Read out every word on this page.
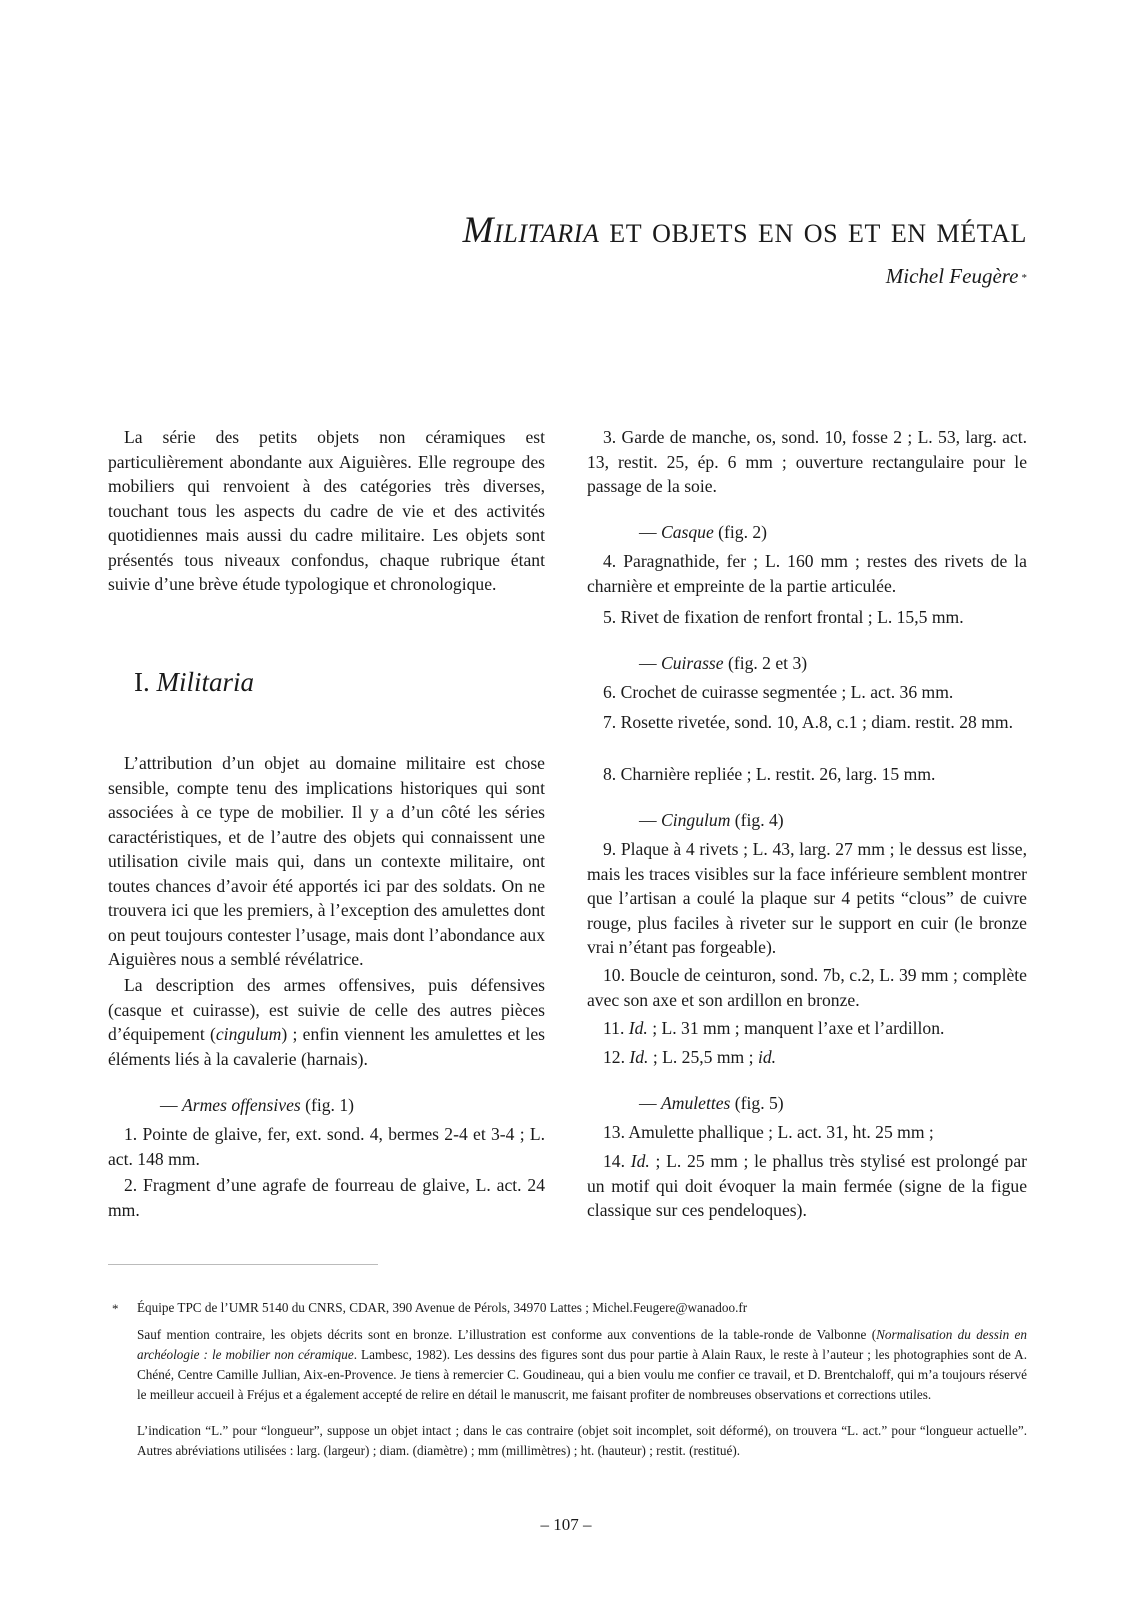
Militaria et objets en os et en métal
Michel Feugère *

La série des petits objets non céramiques est particulièrement abondante aux Aiguières. Elle regroupe des mobiliers qui renvoient à des catégories très diverses, touchant tous les aspects du cadre de vie et des activités quotidiennes mais aussi du cadre militaire. Les objets sont présentés tous niveaux confondus, chaque rubrique étant suivie d’une brève étude typologique et chronologique.

I. Militaria

L’attribution d’un objet au domaine militaire est chose sensible, compte tenu des implications historiques qui sont associées à ce type de mobilier. Il y a d’un côté les séries caractéristiques, et de l’autre des objets qui connaissent une utilisation civile mais qui, dans un contexte militaire, ont toutes chances d’avoir été apportés ici par des soldats. On ne trouvera ici que les premiers, à l’exception des amulettes dont on peut toujours contester l’usage, mais dont l’abondance aux Aiguières nous a semblé révélatrice.

La description des armes offensives, puis défensives (casque et cuirasse), est suivie de celle des autres pièces d’équipement (cingulum) ; enfin viennent les amulettes et les éléments liés à la cavalerie (harnais).

— Armes offensives (fig. 1)

1. Pointe de glaive, fer, ext. sond. 4, bermes 2-4 et 3-4 ; L. act. 148 mm.

2. Fragment d’une agrafe de fourreau de glaive, L. act. 24 mm.

3. Garde de manche, os, sond. 10, fosse 2 ; L. 53, larg. act. 13, restit. 25, ép. 6 mm ; ouverture rectangulaire pour le passage de la soie.

— Casque (fig. 2)

4. Paragnathide, fer ; L. 160 mm ; restes des rivets de la charnière et empreinte de la partie articulée.

5. Rivet de fixation de renfort frontal ; L. 15,5 mm.

— Cuirasse (fig. 2 et 3)

6. Crochet de cuirasse segmentée ; L. act. 36 mm.

7. Rosette rivetée, sond. 10, A.8, c.1 ; diam. restit. 28 mm.

8. Charnière repliée ; L. restit. 26, larg. 15 mm.

— Cingulum (fig. 4)

9. Plaque à 4 rivets ; L. 43, larg. 27 mm ; le dessus est lisse, mais les traces visibles sur la face inférieure semblent montrer que l’artisan a coulé la plaque sur 4 petits “clous” de cuivre rouge, plus faciles à riveter sur le support en cuir (le bronze vrai n’étant pas forgeable).

10. Boucle de ceinturon, sond. 7b, c.2, L. 39 mm ; complète avec son axe et son ardillon en bronze.

11. Id. ; L. 31 mm ; manquent l’axe et l’ardillon.

12. Id. ; L. 25,5 mm ; id.

— Amulettes (fig. 5)

13. Amulette phallique ; L. act. 31, ht. 25 mm ;

14. Id. ; L. 25 mm ; le phallus très stylisé est prolongé par un motif qui doit évoquer la main fermée (signe de la figue classique sur ces pendeloques).

* Équipe TPC de l’UMR 5140 du CNRS, CDAR, 390 Avenue de Pérols, 34970 Lattes ; Michel.Feugere@wanadoo.fr

Sauf mention contraire, les objets décrits sont en bronze. L’illustration est conforme aux conventions de la table-ronde de Valbonne (Normalisation du dessin en archéologie : le mobilier non céramique. Lambesc, 1982). Les dessins des figures sont dus pour partie à Alain Raux, le reste à l’auteur ; les photographies sont de A. Chéné, Centre Camille Jullian, Aix-en-Provence. Je tiens à remercier C. Goudineau, qui a bien voulu me confier ce travail, et D. Brentchaloff, qui m’a toujours réservé le meilleur accueil à Fréjus et a également accepté de relire en détail le manuscrit, me faisant profiter de nombreuses observations et corrections utiles.

L’indication “L.” pour “longueur”, suppose un objet intact ; dans le cas contraire (objet soit incomplet, soit déformé), on trouvera “L. act.” pour “longueur actuelle”. Autres abréviations utilisées : larg. (largeur) ; diam. (diamètre) ; mm (millimètres) ; ht. (hauteur) ; restit. (restitué).

– 107 –
